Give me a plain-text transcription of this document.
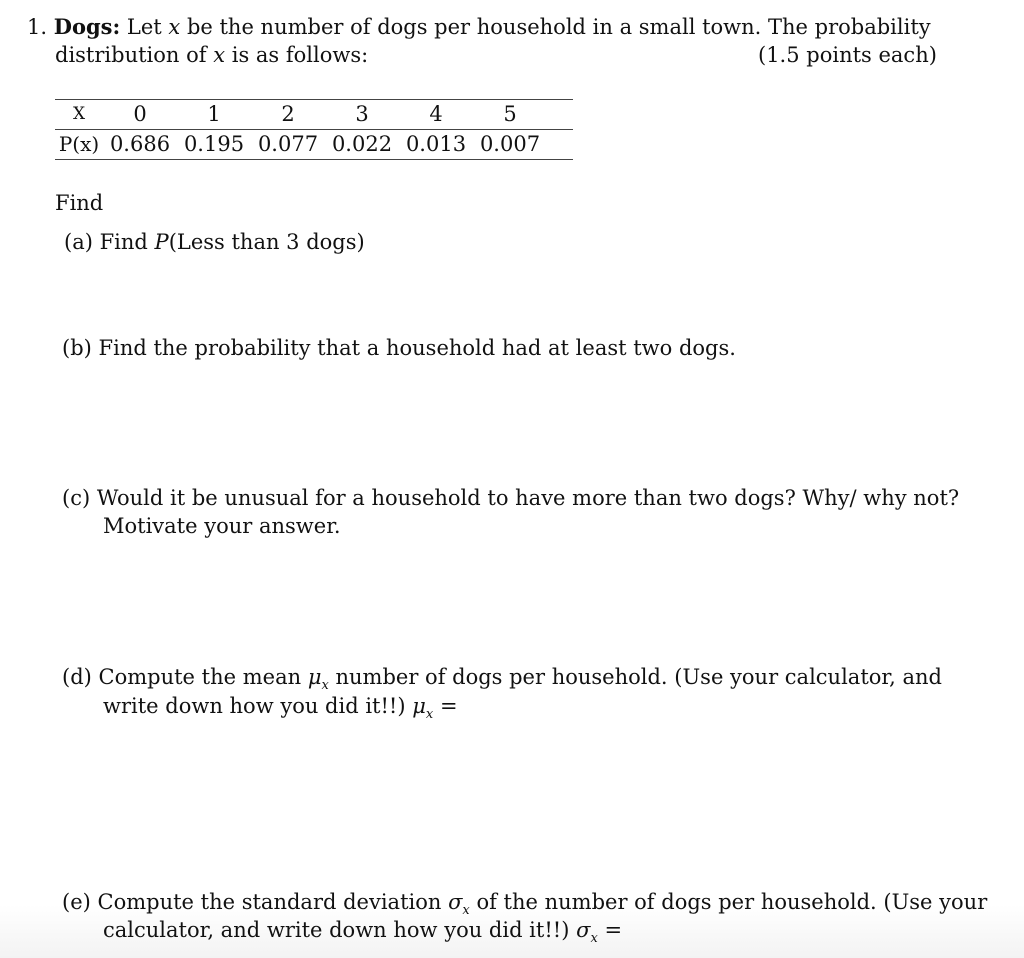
1. Dogs: Let x be the number of dogs per household in a small town. The probability
distribution of x is as follows:	(1.5 points each)
X	0	1	2	3	4	5
P(x) 0.686 0.195 0.077 0.022 0.013 0.007
Find
(a) Find P(Less than 3 dogs)
(b) Find the probability that a household had at least two dogs.
(c) Would it be unusual for a household to have more than two dogs? Why/ why not?
Motivate your answer.
(d) Compute the mean $\mu_x$ number of dogs per household. (Use your calculator, and
write down how you did it!!) $\mu_x$ =
(e) Compute the standard deviation $\sigma_x$ of the number of dogs per household. (Use your
calculator, and write down how you did it!!) $\sigma_x$ =
